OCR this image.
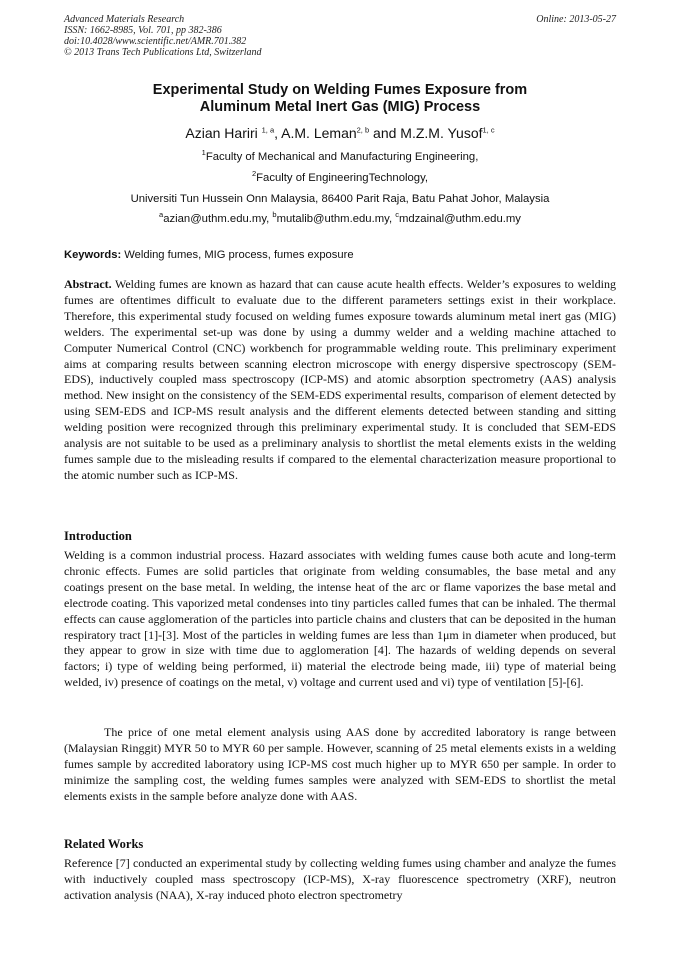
Advanced Materials Research
ISSN: 1662-8985, Vol. 701, pp 382-386
doi:10.4028/www.scientific.net/AMR.701.382
© 2013 Trans Tech Publications Ltd, Switzerland
Online: 2013-05-27
Experimental Study on Welding Fumes Exposure from
Aluminum Metal Inert Gas (MIG) Process
Azian Hariri $^{1, a}$, A.M. Leman$^{2, b}$ and M.Z.M. Yusof$^{1, c}$
$^1$Faculty of Mechanical and Manufacturing Engineering,
$^2$Faculty of EngineeringTechnology,
Universiti Tun Hussein Onn Malaysia, 86400 Parit Raja, Batu Pahat Johor, Malaysia
$^a$azian@uthm.edu.my, $^b$mutalib@uthm.edu.my, $^c$mdzainal@uthm.edu.my
Keywords: Welding fumes, MIG process, fumes exposure
Abstract. Welding fumes are known as hazard that can cause acute health effects. Welder’s exposures to welding fumes are oftentimes difficult to evaluate due to the different parameters settings exist in their workplace. Therefore, this experimental study focused on welding fumes exposure towards aluminum metal inert gas (MIG) welders. The experimental set-up was done by using a dummy welder and a welding machine attached to Computer Numerical Control (CNC) workbench for programmable welding route. This preliminary experiment aims at comparing results between scanning electron microscope with energy dispersive spectroscopy (SEM-EDS), inductively coupled mass spectroscopy (ICP-MS) and atomic absorption spectrometry (AAS) analysis method. New insight on the consistency of the SEM-EDS experimental results, comparison of element detected by using SEM-EDS and ICP-MS result analysis and the different elements detected between standing and sitting welding position were recognized through this preliminary experimental study. It is concluded that SEM-EDS analysis are not suitable to be used as a preliminary analysis to shortlist the metal elements exists in the welding fumes sample due to the misleading results if compared to the elemental characterization measure proportional to the atomic number such as ICP-MS.
Introduction
Welding is a common industrial process. Hazard associates with welding fumes cause both acute and long-term chronic effects. Fumes are solid particles that originate from welding consumables, the base metal and any coatings present on the base metal. In welding, the intense heat of the arc or flame vaporizes the base metal and electrode coating. This vaporized metal condenses into tiny particles called fumes that can be inhaled. The thermal effects can cause agglomeration of the particles into particle chains and clusters that can be deposited in the human respiratory tract [1]-[3]. Most of the particles in welding fumes are less than 1μm in diameter when produced, but they appear to grow in size with time due to agglomeration [4]. The hazards of welding depends on several factors; i) type of welding being performed, ii) material the electrode being made, iii) type of material being welded, iv) presence of coatings on the metal, v) voltage and current used and vi) type of ventilation [5]-[6].
The price of one metal element analysis using AAS done by accredited laboratory is range between (Malaysian Ringgit) MYR 50 to MYR 60 per sample. However, scanning of 25 metal elements exists in a welding fumes sample by accredited laboratory using ICP-MS cost much higher up to MYR 650 per sample. In order to minimize the sampling cost, the welding fumes samples were analyzed with SEM-EDS to shortlist the metal elements exists in the sample before analyze done with AAS.
Related Works
Reference [7] conducted an experimental study by collecting welding fumes using chamber and analyze the fumes with inductively coupled mass spectroscopy (ICP-MS), X-ray fluorescence spectrometry (XRF), neutron activation analysis (NAA), X-ray induced photo electron spectrometry
